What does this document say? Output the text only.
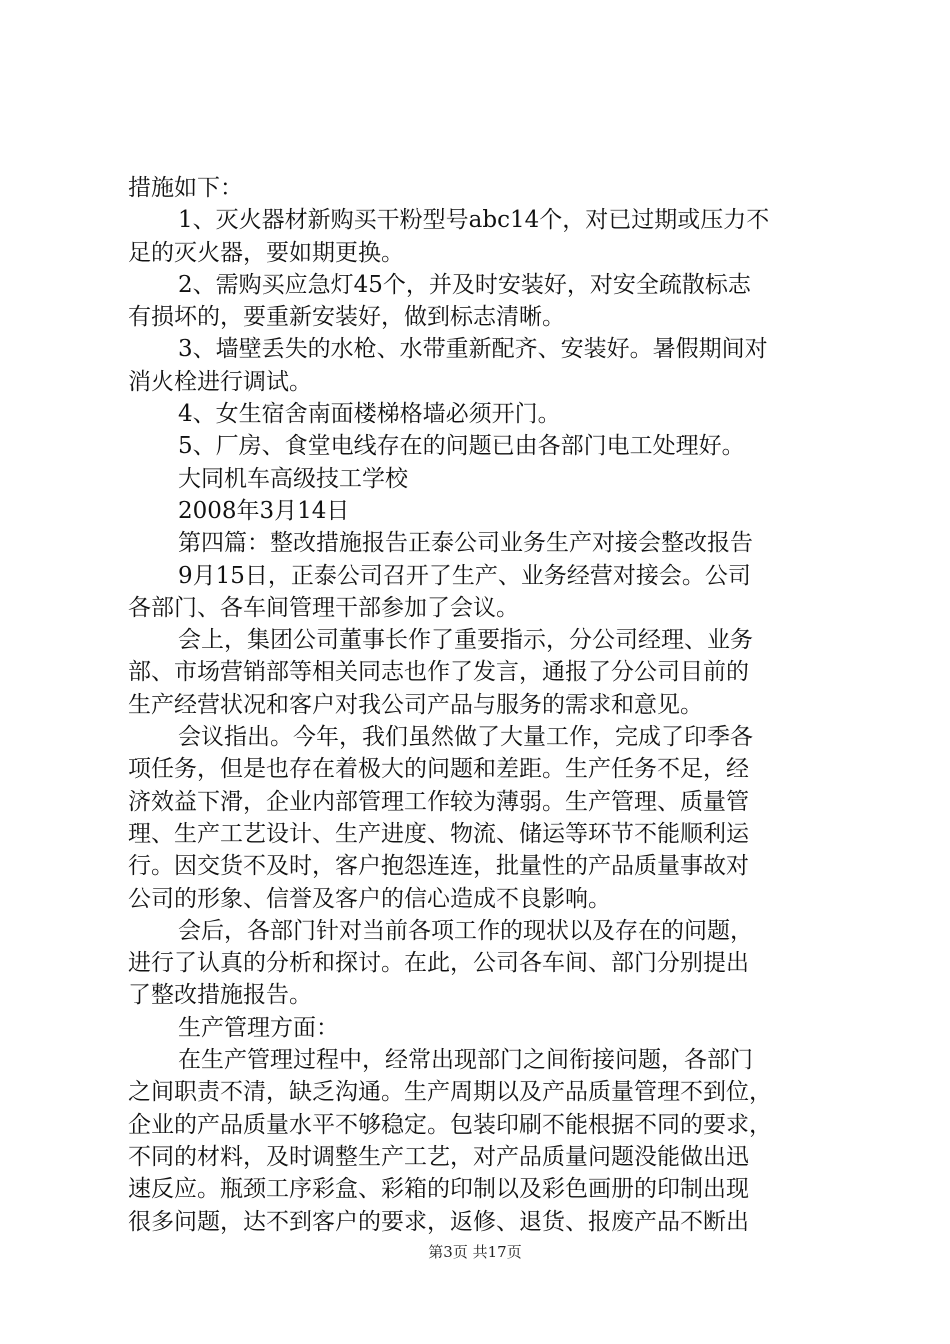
措施如下：
1、灭火器材新购买干粉型号abc14个，对已过期或压力不
足的灭火器，要如期更换。
2、需购买应急灯45个，并及时安装好，对安全疏散标志
有损坏的，要重新安装好，做到标志清晰。
3、墙壁丢失的水枪、水带重新配齐、安装好。暑假期间对
消火栓进行调试。
4、女生宿舍南面楼梯格墙必须开门。
5、厂房、食堂电线存在的问题已由各部门电工处理好。
大同机车高级技工学校
2008年3月14日
第四篇：整改措施报告正泰公司业务生产对接会整改报告
9月15日，正泰公司召开了生产、业务经营对接会。公司
各部门、各车间管理干部参加了会议。
会上，集团公司董事长作了重要指示，分公司经理、业务
部、市场营销部等相关同志也作了发言，通报了分公司目前的
生产经营状况和客户对我公司产品与服务的需求和意见。
会议指出。今年，我们虽然做了大量工作，完成了印季各
项任务，但是也存在着极大的问题和差距。生产任务不足，经
济效益下滑，企业内部管理工作较为薄弱。生产管理、质量管
理、生产工艺设计、生产进度、物流、储运等环节不能顺利运
行。因交货不及时，客户抱怨连连，批量性的产品质量事故对
公司的形象、信誉及客户的信心造成不良影响。
会后，各部门针对当前各项工作的现状以及存在的问题，
进行了认真的分析和探讨。在此，公司各车间、部门分别提出
了整改措施报告。
生产管理方面：
在生产管理过程中，经常出现部门之间衔接问题，各部门
之间职责不清，缺乏沟通。生产周期以及产品质量管理不到位，
企业的产品质量水平不够稳定。包装印刷不能根据不同的要求，
不同的材料，及时调整生产工艺，对产品质量问题没能做出迅
速反应。瓶颈工序彩盒、彩箱的印制以及彩色画册的印制出现
很多问题，达不到客户的要求，返修、退货、报废产品不断出
第3页 共17页
